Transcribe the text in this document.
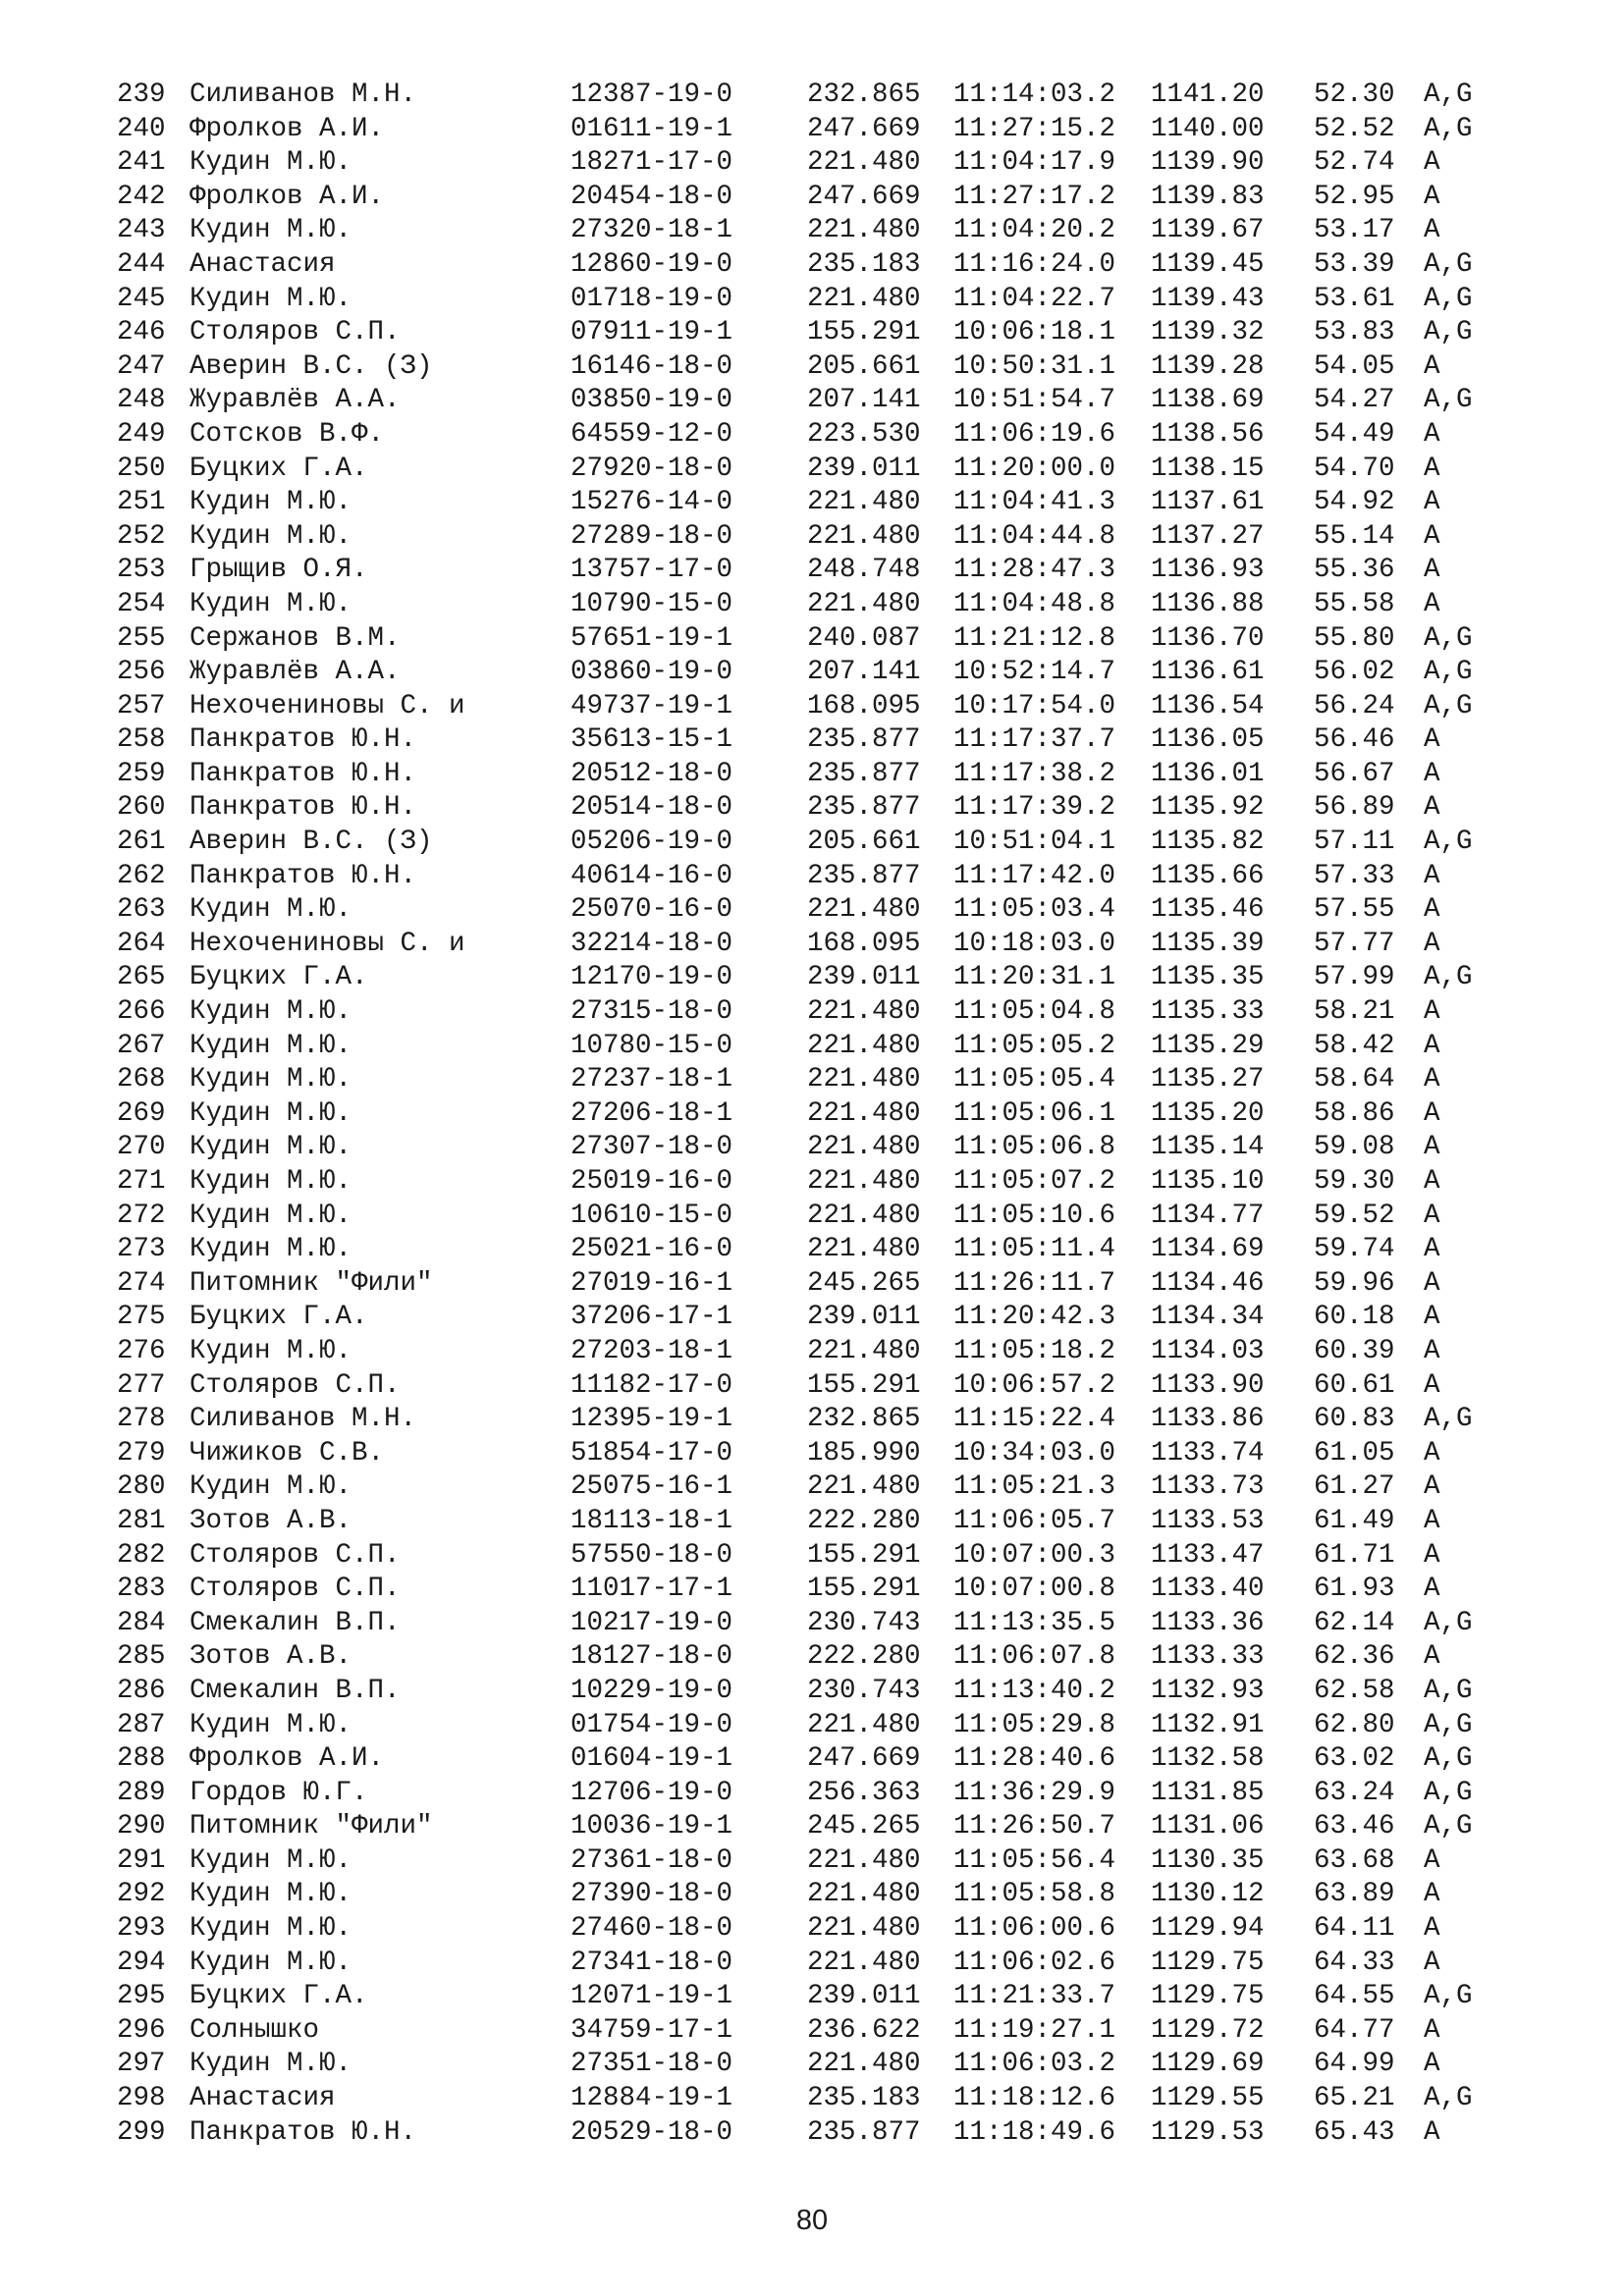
239 Силиванов М.Н.	12387-19-0	232.865 11:14:03.2 1141.20 52.30 A,G
240 Фролков А.И.	01611-19-1	247.669 11:27:15.2 1140.00 52.52 A,G
241 Кудин М.Ю.	18271-17-0	221.480 11:04:17.9 1139.90 52.74 A
242 Фролков А.И.	20454-18-0	247.669 11:27:17.2 1139.83 52.95 A
243 Кудин М.Ю.	27320-18-1	221.480 11:04:20.2 1139.67 53.17 A
244 Анастасия	12860-19-0	235.183 11:16:24.0 1139.45 53.39 A,G
245 Кудин М.Ю.	01718-19-0	221.480 11:04:22.7 1139.43 53.61 A,G
246 Столяров С.П.	07911-19-1	155.291 10:06:18.1 1139.32 53.83 A,G
247 Аверин В.С. (З)	16146-18-0	205.661 10:50:31.1 1139.28 54.05 A
248 Журавлёв А.А.	03850-19-0	207.141 10:51:54.7 1138.69 54.27 A,G
249 Сотсков В.Ф.	64559-12-0	223.530 11:06:19.6 1138.56 54.49 A
250 Буцких Г.А.	27920-18-0	239.011 11:20:00.0 1138.15 54.70 A
251 Кудин М.Ю.	15276-14-0	221.480 11:04:41.3 1137.61 54.92 A
252 Кудин М.Ю.	27289-18-0	221.480 11:04:44.8 1137.27 55.14 A
253 Грыщив О.Я.	13757-17-0	248.748 11:28:47.3 1136.93 55.36 A
254 Кудин М.Ю.	10790-15-0	221.480 11:04:48.8 1136.88 55.58 A
255 Сержанов В.М.	57651-19-1	240.087 11:21:12.8 1136.70 55.80 A,G
256 Журавлёв А.А.	03860-19-0	207.141 10:52:14.7 1136.61 56.02 A,G
257 Нехочениновы С. и	49737-19-1	168.095 10:17:54.0 1136.54 56.24 A,G
258 Панкратов Ю.Н.	35613-15-1	235.877 11:17:37.7 1136.05 56.46 A
259 Панкратов Ю.Н.	20512-18-0	235.877 11:17:38.2 1136.01 56.67 A
260 Панкратов Ю.Н.	20514-18-0	235.877 11:17:39.2 1135.92 56.89 A
261 Аверин В.С. (З)	05206-19-0	205.661 10:51:04.1 1135.82 57.11 A,G
262 Панкратов Ю.Н.	40614-16-0	235.877 11:17:42.0 1135.66 57.33 A
263 Кудин М.Ю.	25070-16-0	221.480 11:05:03.4 1135.46 57.55 A
264 Нехочениновы С. и	32214-18-0	168.095 10:18:03.0 1135.39 57.77 A
265 Буцких Г.А.	12170-19-0	239.011 11:20:31.1 1135.35 57.99 A,G
266 Кудин М.Ю.	27315-18-0	221.480 11:05:04.8 1135.33 58.21 A
267 Кудин М.Ю.	10780-15-0	221.480 11:05:05.2 1135.29 58.42 A
268 Кудин М.Ю.	27237-18-1	221.480 11:05:05.4 1135.27 58.64 A
269 Кудин М.Ю.	27206-18-1	221.480 11:05:06.1 1135.20 58.86 A
270 Кудин М.Ю.	27307-18-0	221.480 11:05:06.8 1135.14 59.08 A
271 Кудин М.Ю.	25019-16-0	221.480 11:05:07.2 1135.10 59.30 A
272 Кудин М.Ю.	10610-15-0	221.480 11:05:10.6 1134.77 59.52 A
273 Кудин М.Ю.	25021-16-0	221.480 11:05:11.4 1134.69 59.74 A
274 Питомник "Фили"	27019-16-1	245.265 11:26:11.7 1134.46 59.96 A
275 Буцких Г.А.	37206-17-1	239.011 11:20:42.3 1134.34 60.18 A
276 Кудин М.Ю.	27203-18-1	221.480 11:05:18.2 1134.03 60.39 A
277 Столяров С.П.	11182-17-0	155.291 10:06:57.2 1133.90 60.61 A
278 Силиванов М.Н.	12395-19-1	232.865 11:15:22.4 1133.86 60.83 A,G
279 Чижиков С.В.	51854-17-0	185.990 10:34:03.0 1133.74 61.05 A
280 Кудин М.Ю.	25075-16-1	221.480 11:05:21.3 1133.73 61.27 A
281 Зотов А.В.	18113-18-1	222.280 11:06:05.7 1133.53 61.49 A
282 Столяров С.П.	57550-18-0	155.291 10:07:00.3 1133.47 61.71 A
283 Столяров С.П.	11017-17-1	155.291 10:07:00.8 1133.40 61.93 A
284 Смекалин В.П.	10217-19-0	230.743 11:13:35.5 1133.36 62.14 A,G
285 Зотов А.В.	18127-18-0	222.280 11:06:07.8 1133.33 62.36 A
286 Смекалин В.П.	10229-19-0	230.743 11:13:40.2 1132.93 62.58 A,G
287 Кудин М.Ю.	01754-19-0	221.480 11:05:29.8 1132.91 62.80 A,G
288 Фролков А.И.	01604-19-1	247.669 11:28:40.6 1132.58 63.02 A,G
289 Гордов Ю.Г.	12706-19-0	256.363 11:36:29.9 1131.85 63.24 A,G
290 Питомник "Фили"	10036-19-1	245.265 11:26:50.7 1131.06 63.46 A,G
291 Кудин М.Ю.	27361-18-0	221.480 11:05:56.4 1130.35 63.68 A
292 Кудин М.Ю.	27390-18-0	221.480 11:05:58.8 1130.12 63.89 A
293 Кудин М.Ю.	27460-18-0	221.480 11:06:00.6 1129.94 64.11 A
294 Кудин М.Ю.	27341-18-0	221.480 11:06:02.6 1129.75 64.33 A
295 Буцких Г.А.	12071-19-1	239.011 11:21:33.7 1129.75 64.55 A,G
296 Солнышко	34759-17-1	236.622 11:19:27.1 1129.72 64.77 A
297 Кудин М.Ю.	27351-18-0	221.480 11:06:03.2 1129.69 64.99 A
298 Анастасия	12884-19-1	235.183 11:18:12.6 1129.55 65.21 A,G
299 Панкратов Ю.Н.	20529-18-0	235.877 11:18:49.6 1129.53 65.43 A
80
